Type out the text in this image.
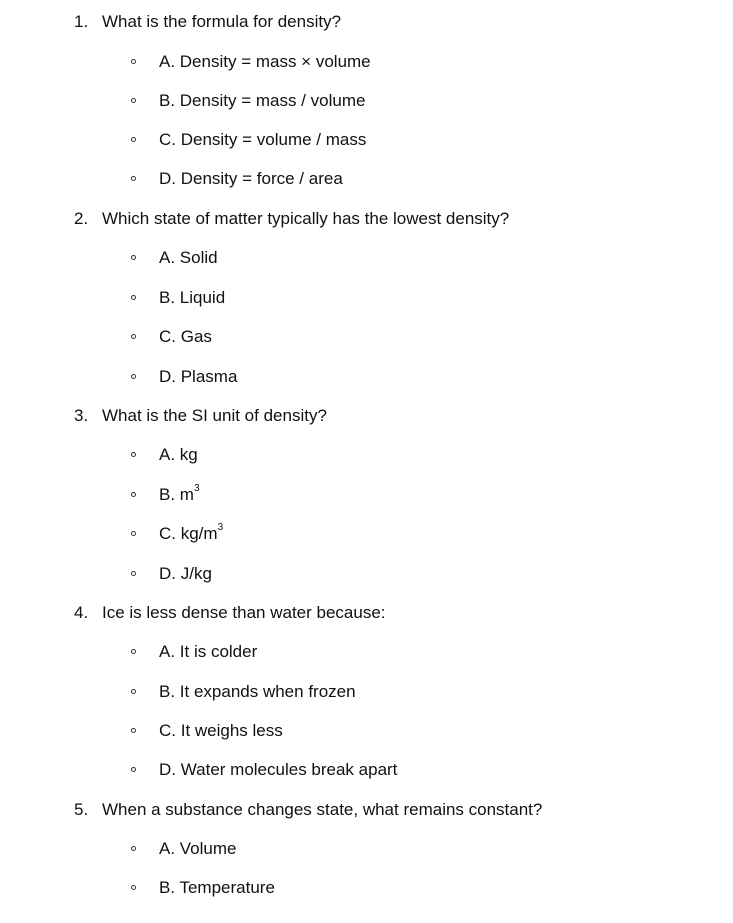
1. What is the formula for density?
A. Density = mass × volume
B. Density = mass / volume
C. Density = volume / mass
D. Density = force / area
2. Which state of matter typically has the lowest density?
A. Solid
B. Liquid
C. Gas
D. Plasma
3. What is the SI unit of density?
A. kg
B. $m^3$
C. $kg/m^3$
D. J/kg
4. Ice is less dense than water because:
A. It is colder
B. It expands when frozen
C. It weighs less
D. Water molecules break apart
5. When a substance changes state, what remains constant?
A. Volume
B. Temperature
